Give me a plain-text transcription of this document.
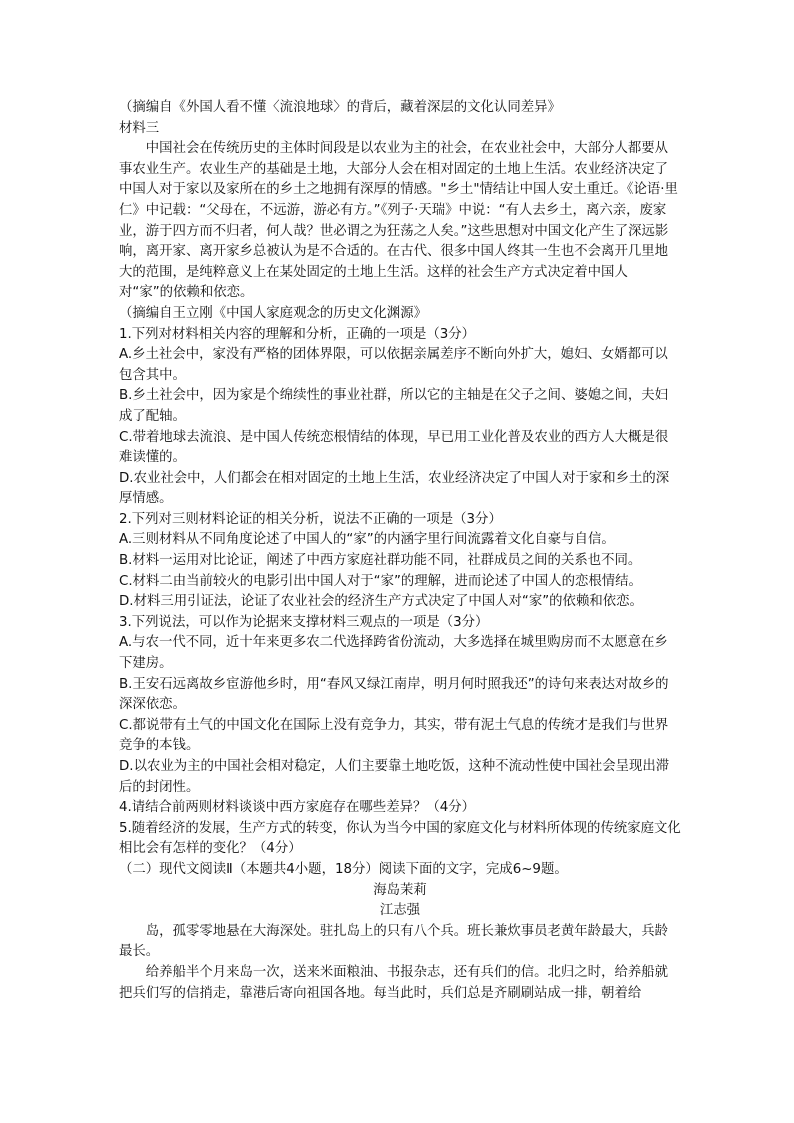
（摘编自《外国人看不懂〈流浪地球〉的背后，藏着深层的文化认同差异》

材料三

中国社会在传统历史的主体时间段是以农业为主的社会，在农业社会中，大部分人都要从事农业生产。农业生产的基础是土地，大部分人会在相对固定的土地上生活。农业经济决定了中国人对于家以及家所在的乡土之地拥有深厚的情感。"乡土"情结让中国人安土重迁。《论语·里仁》中记载：“父母在，不远游，游必有方。”《列子·天瑞》中说：“有人去乡土，离六亲，废家业，游于四方而不归者，何人哉？世必谓之为狂荡之人矣。”这些思想对中国文化产生了深远影响，离开家、离开家乡总被认为是不合适的。在古代、很多中国人终其一生也不会离开几里地大的范围，是纯粹意义上在某处固定的土地上生活。这样的社会生产方式决定着中国人对“家”的依赖和依恋。

（摘编自王立刚《中国人家庭观念的历史文化渊源》

1.下列对材料相关内容的理解和分析，正确的一项是（3分）

A.乡土社会中，家没有严格的团体界限，可以依据亲属差序不断向外扩大，媳妇、女婿都可以包含其中。

B.乡土社会中，因为家是个绵续性的事业社群，所以它的主轴是在父子之间、婆媳之间，夫妇成了配轴。

C.带着地球去流浪、是中国人传统恋根情结的体现，早已用工业化普及农业的西方人大概是很难读懂的。

D.农业社会中，人们都会在相对固定的土地上生活，农业经济决定了中国人对于家和乡土的深厚情感。

2.下列对三则材料论证的相关分析，说法不正确的一项是（3分）

A.三则材料从不同角度论述了中国人的“家”的内涵字里行间流露着文化自豪与自信。

B.材料一运用对比论证，阐述了中西方家庭社群功能不同，社群成员之间的关系也不同。

C.材料二由当前较火的电影引出中国人对于“家”的理解，进而论述了中国人的恋根情结。

D.材料三用引证法，论证了农业社会的经济生产方式决定了中国人对“家”的依赖和依恋。

3.下列说法，可以作为论据来支撑材料三观点的一项是（3分）

A.与农一代不同，近十年来更多农二代选择跨省份流动，大多选择在城里购房而不太愿意在乡下建房。

B.王安石远离故乡宦游他乡时，用“春风又绿江南岸，明月何时照我还”的诗句来表达对故乡的深深依恋。

C.都说带有土气的中国文化在国际上没有竞争力，其实，带有泥土气息的传统才是我们与世界竞争的本钱。

D.以农业为主的中国社会相对稳定，人们主要靠土地吃饭，这种不流动性使中国社会呈现出滞后的封闭性。

4.请结合前两则材料谈谈中西方家庭存在哪些差异？（4分）

5.随着经济的发展，生产方式的转变，你认为当今中国的家庭文化与材料所体现的传统家庭文化相比会有怎样的变化？（4分）

（二）现代文阅读Ⅱ（本题共4小题，18分）阅读下面的文字，完成6~9题。

海岛茉莉

江志强

岛，孤零零地悬在大海深处。驻扎岛上的只有八个兵。班长兼炊事员老黄年龄最大，兵龄最长。

给养船半个月来岛一次，送来米面粮油、书报杂志，还有兵们的信。北归之时，给养船就把兵们写的信捎走，靠港后寄向祖国各地。每当此时，兵们总是齐刷刷站成一排，朝着给
